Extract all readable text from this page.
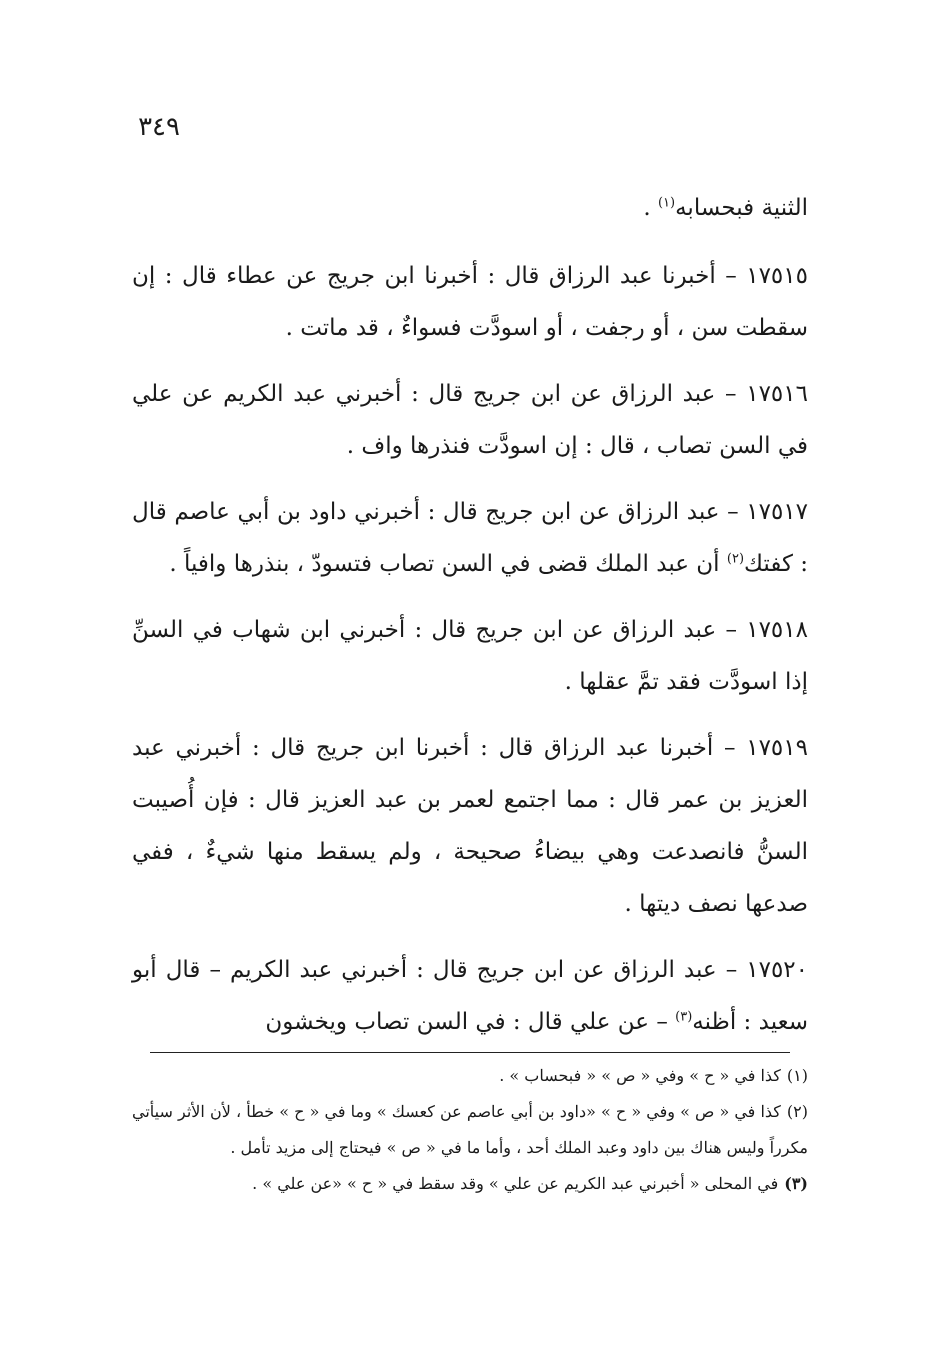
٣٤٩

الثنية فبحسابه$^{(١)}$ .

١٧٥١٥ – أخبرنا عبد الرزاق قال : أخبرنا ابن جريج عن عطاء قال : إن سقطت سن ، أو رجفت ، أو اسودَّت فسواءٌ ، قد ماتت .

١٧٥١٦ – عبد الرزاق عن ابن جريج قال : أخبرني عبد الكريم عن علي في السن تصاب ، قال : إن اسودَّت فنذرها واف .

١٧٥١٧ – عبد الرزاق عن ابن جريج قال : أخبرني داود بن أبي عاصم قال : كفتك$^{(٢)}$ أن عبد الملك قضى في السن تصاب فتسودّ ، بنذرها وافياً .

١٧٥١٨ – عبد الرزاق عن ابن جريج قال : أخبرني ابن شهاب في السنِّ إذا اسودَّت فقد تمَّ عقلها .

١٧٥١٩ – أخبرنا عبد الرزاق قال : أخبرنا ابن جريج قال : أخبرني عبد العزيز بن عمر قال : مما اجتمع لعمر بن عبد العزيز قال : فإن أُصيبت السنُّ فانصدعت وهي بيضاءُ صحيحة ، ولم يسقط منها شيءٌ ، ففي صدعها نصف ديتها .

١٧٥٢٠ – عبد الرزاق عن ابن جريج قال : أخبرني عبد الكريم – قال أبو سعيد : أظنه$^{(٣)}$ – عن علي قال : في السن تصاب ويخشون

(١)كذا في « ح » وفي « ص » « فبحساب » .

(٢)كذا في « ص » وفي « ح » «داود بن أبي عاصم عن كعسك » وما في « ح » خطأ ، لأن الأثر سيأتي مكرراً وليس هناك بين داود وعبد الملك أحد ، وأما ما في « ص » فيحتاج إلى مزيد تأمل .

(٣)في المحلى « أخبرني عبد الكريم عن علي » وقد سقط في « ح » «عن علي » .
